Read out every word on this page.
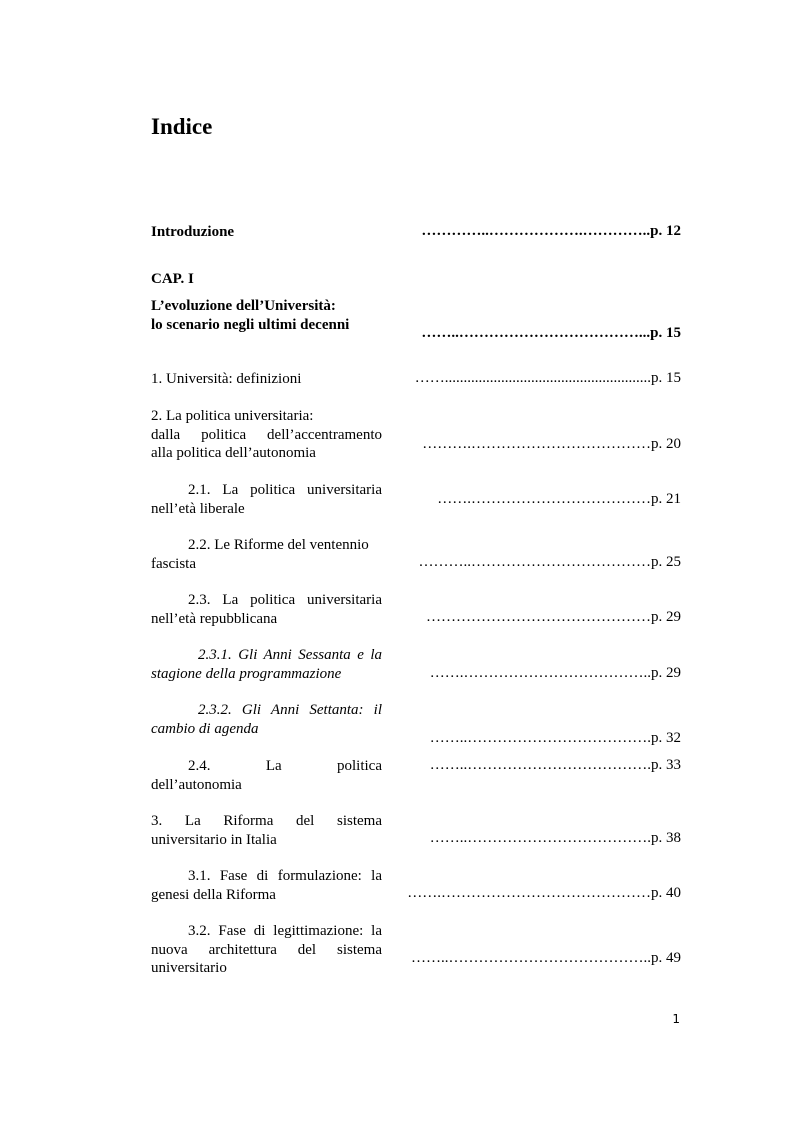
Indice
Introduzione	…………..……………….…………..p. 12
CAP. I
L’evoluzione dell’Università:
lo scenario negli ultimi decenni
……..………………………………...p. 15
1. Università: definizioni	…….......................................................p. 15
2. La politica universitaria:
dalla politica dell’accentramento
alla politica dell’autonomia
……….………………………………p. 20
2.1. La politica universitaria
nell’età liberale
…….………………………………p. 21
2.2. Le Riforme del ventennio
fascista	………..………………………………p. 25
2.3. La politica universitaria
nell’età repubblicana	………………………………………p. 29
2.3.1. Gli Anni Sessanta e la
stagione della programmazione	…….………………………………..p. 29
2.3.2. Gli Anni Settanta: il
cambio di agenda
……..……………………………….p. 32
2.4. La politica
dell’autonomia
……..……………………………….p. 33
3. La Riforma del sistema
universitario in Italia	……..……………………………….p. 38
3.1. Fase di formulazione: la
genesi della Riforma	…….……………………………………p. 40
3.2. Fase di legittimazione: la
nuova architettura del sistema
universitario
……..…………………………………..p. 49
1
